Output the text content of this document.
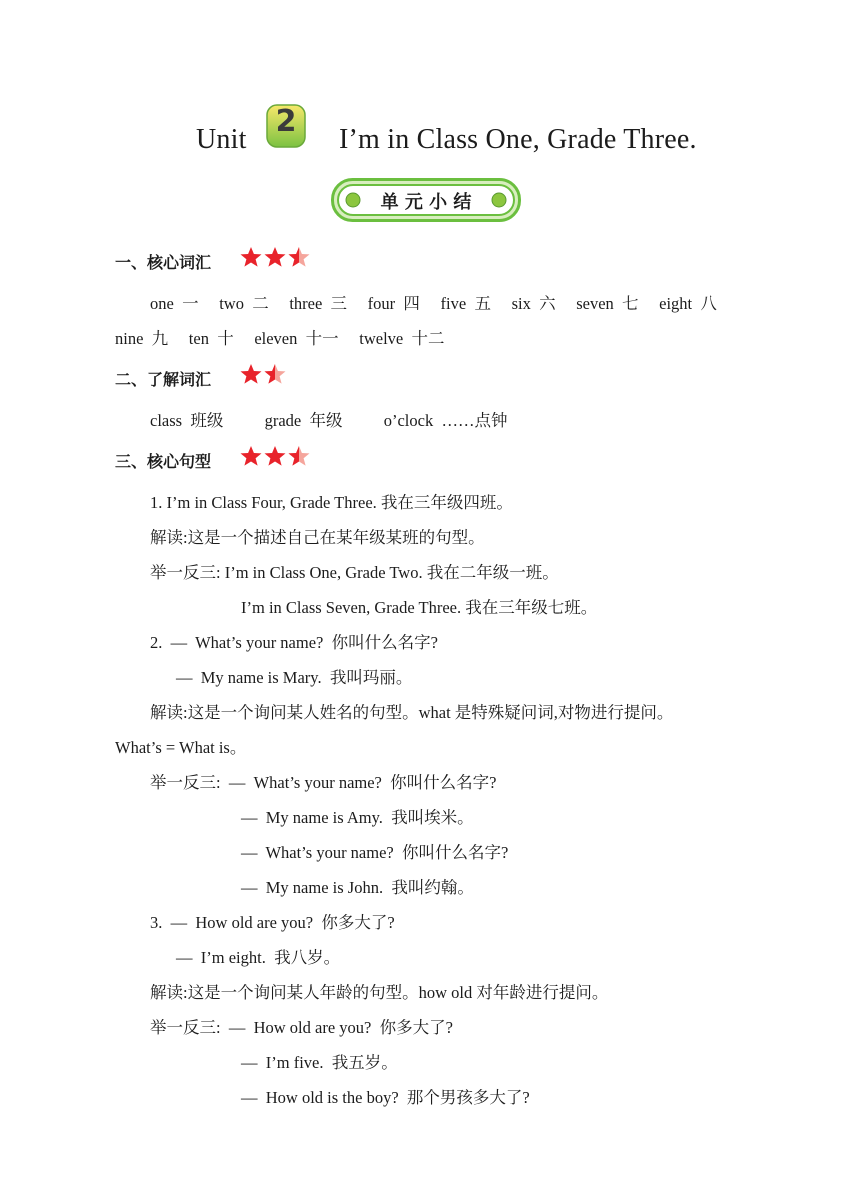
Unit
2
I’m in Class One, Grade Three.
单 元 小 结
一、核心词汇
one  一     two  二     three  三     four  四     five  五     six  六     seven  七     eight  八
nine  九     ten  十     eleven  十一     twelve  十二
二、了解词汇
class  班级          grade  年级          o’clock  ……点钟
三、核心句型
1. I’m in Class Four, Grade Three. 我在三年级四班。
解读:这是一个描述自己在某年级某班的句型。
举一反三: I’m in Class One, Grade Two. 我在二年级一班。
I’m in Class Seven, Grade Three. 我在三年级七班。
2.  —  What’s your name?  你叫什么名字?
—  My name is Mary.  我叫玛丽。
解读:这是一个询问某人姓名的句型。what 是特殊疑问词,对物进行提问。
What’s = What is。
举一反三:  —  What’s your name?  你叫什么名字?
—  My name is Amy.  我叫埃米。
—  What’s your name?  你叫什么名字?
—  My name is John.  我叫约翰。
3.  —  How old are you?  你多大了?
—  I’m eight.  我八岁。
解读:这是一个询问某人年龄的句型。how old 对年龄进行提问。
举一反三:  —  How old are you?  你多大了?
—  I’m five.  我五岁。
—  How old is the boy?  那个男孩多大了?
